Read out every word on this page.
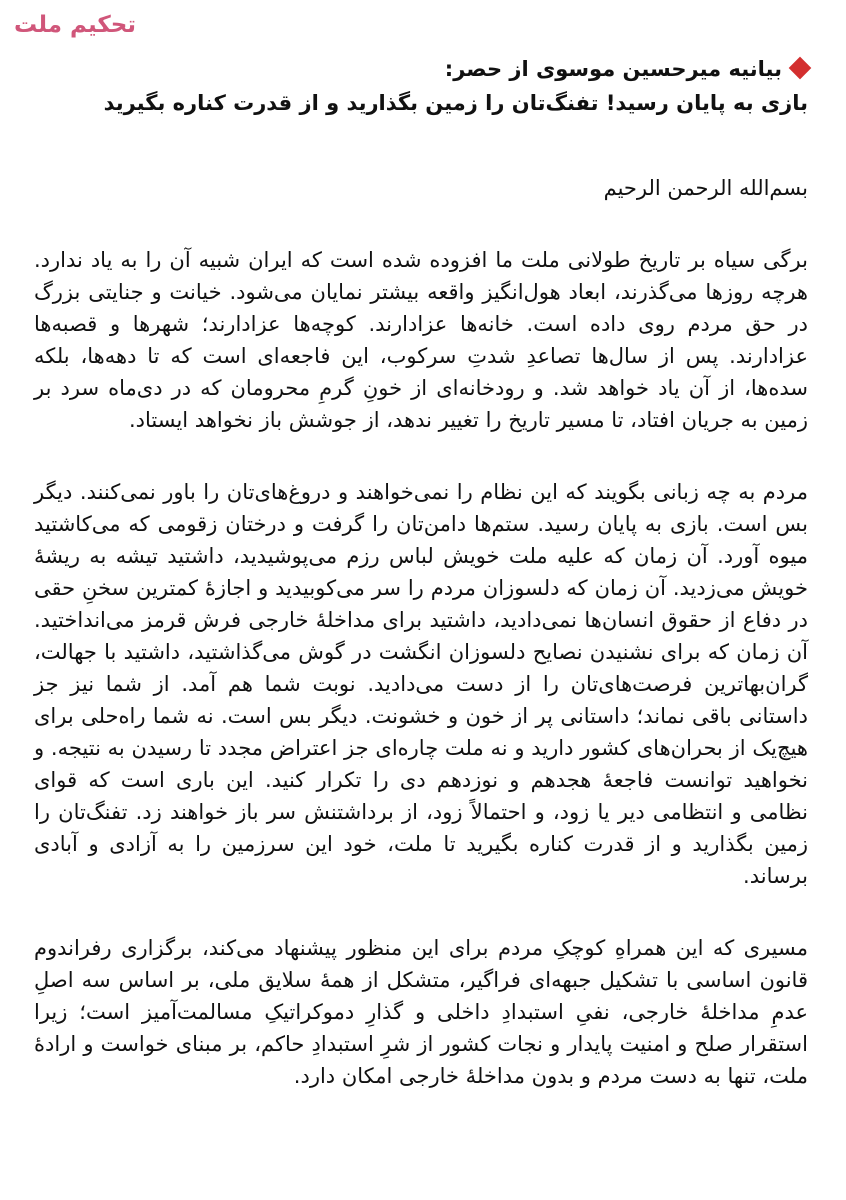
تحکیم ملت

بیانیه میرحسین موسوی از حصر:
بازی به پایان رسید! تفنگ‌تان را زمین بگذارید و از قدرت کناره بگیرید

بسم‌الله الرحمن الرحیم

برگی سیاه بر تاریخ طولانی ملت ما افزوده شده است که ایران شبیه آن را به یاد ندارد. هرچه روزها می‌گذرند، ابعاد هول‌انگیز واقعه بیشتر نمایان می‌شود. خیانت و جنایتی بزرگ در حق مردم روی داده است. خانه‌ها عزادارند. کوچه‌ها عزادارند؛ شهرها و قصبه‌ها عزادارند. پس از سال‌ها تصاعدِ شدتِ سرکوب، این فاجعه‌ای است که تا دهه‌ها، بلکه سده‌ها، از آن یاد خواهد شد. و رودخانه‌ای از خونِ گرمِ محرومان که در دی‌ماه سرد بر زمین به جریان افتاد، تا مسیر تاریخ را تغییر ندهد، از جوشش باز نخواهد ایستاد.

مردم به چه زبانی بگویند که این نظام را نمی‌خواهند و دروغ‌های‌تان را باور نمی‌کنند. دیگر بس است. بازی به پایان رسید. ستم‌ها دامن‌تان را گرفت و درختان زقومی که می‌کاشتید میوه آورد. آن زمان که علیه ملت خویش لباس رزم می‌پوشیدید، داشتید تیشه به ریشهٔ خویش می‌زدید. آن زمان که دلسوزان مردم را سر می‌کوبیدید و اجازهٔ کمترین سخنِ حقی در دفاع از حقوق انسان‌ها نمی‌دادید، داشتید برای مداخلهٔ خارجی فرش قرمز می‌انداختید. آن زمان که برای نشنیدن نصایح دلسوزان انگشت در گوش می‌گذاشتید، داشتید با جهالت، گران‌بهاترین فرصت‌های‌تان را از دست می‌دادید. نوبت شما هم آمد. از شما نیز جز داستانی باقی نماند؛ داستانی پر از خون و خشونت. دیگر بس است. نه شما راه‌حلی برای هیچ‌یک از بحران‌های کشور دارید و نه ملت چاره‌ای جز اعتراض مجدد تا رسیدن به نتیجه. و نخواهید توانست فاجعهٔ هجدهم و نوزدهم دی را تکرار کنید. این باری است که قوای نظامی و انتظامی دیر یا زود، و احتمالاً زود، از برداشتنش سر باز خواهند زد. تفنگ‌تان را زمین بگذارید و از قدرت کناره بگیرید تا ملت، خود این سرزمین را به آزادی و آبادی برساند.

مسیری که این همراهِ کوچکِ مردم برای این منظور پیشنهاد می‌کند، برگزاری رفراندوم قانون اساسی با تشکیل جبهه‌ای فراگیر، متشکل از همهٔ سلایق ملی، بر اساس سه اصلِ عدمِ مداخلهٔ خارجی، نفیِ استبدادِ داخلی و گذارِ دموکراتیکِ مسالمت‌آمیز است؛ زیرا استقرار صلح و امنیت پایدار و نجات کشور از شرِ استبدادِ حاکم، بر مبنای خواست و ارادهٔ ملت، تنها به دست مردم و بدون مداخلهٔ خارجی امکان دارد.
